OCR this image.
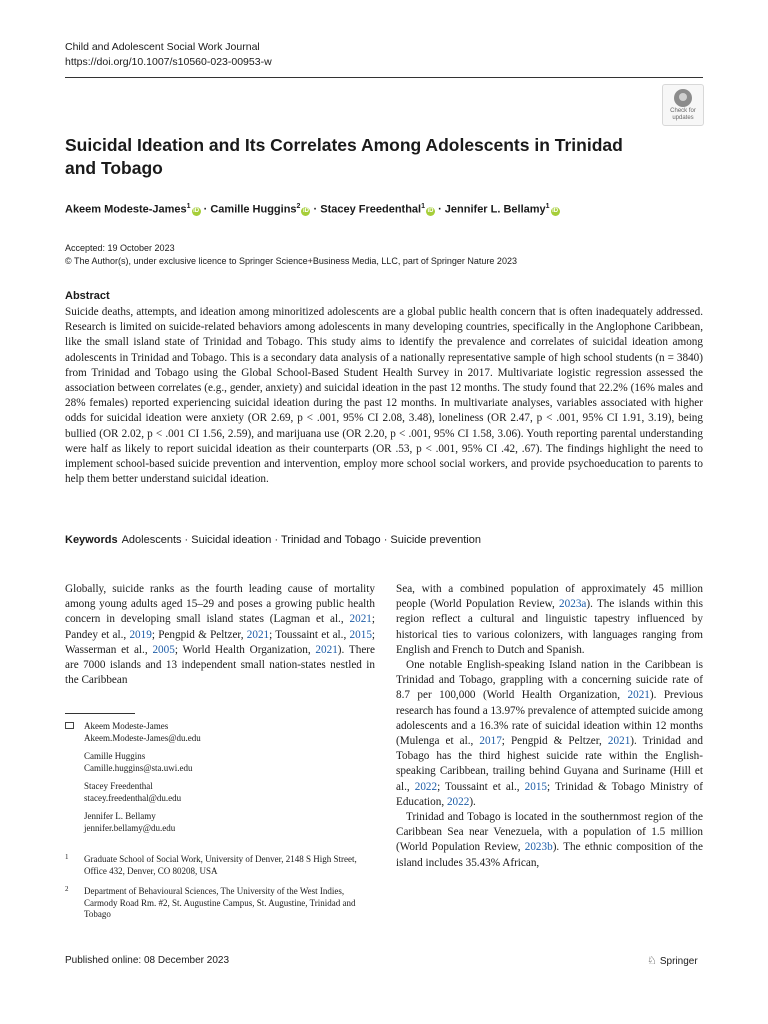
Child and Adolescent Social Work Journal
https://doi.org/10.1007/s10560-023-00953-w
Check for
updates
Suicidal Ideation and Its Correlates Among Adolescents in Trinidad and Tobago
Akeem Modeste-James$^1$iD · Camille Huggins$^2$iD · Stacey Freedenthal$^1$iD · Jennifer L. Bellamy$^1$iD
Accepted: 19 October 2023
© The Author(s), under exclusive licence to Springer Science+Business Media, LLC, part of Springer Nature 2023
Abstract

Suicide deaths, attempts, and ideation among minoritized adolescents are a global public health concern that is often inadequately addressed. Research is limited on suicide-related behaviors among adolescents in many developing countries, specifically in the Anglophone Caribbean, like the small island state of Trinidad and Tobago. This study aims to identify the prevalence and correlates of suicidal ideation among adolescents in Trinidad and Tobago. This is a secondary data analysis of a nationally representative sample of high school students (n = 3840) from Trinidad and Tobago using the Global School-Based Student Health Survey in 2017. Multivariate logistic regression assessed the association between correlates (e.g., gender, anxiety) and suicidal ideation in the past 12 months. The study found that 22.2% (16% males and 28% females) reported experiencing suicidal ideation during the past 12 months. In multivariate analyses, variables associated with higher odds for suicidal ideation were anxiety (OR 2.69, p < .001, 95% CI 2.08, 3.48), loneliness (OR 2.47, p < .001, 95% CI 1.91, 3.19), being bullied (OR 2.02, p < .001 CI 1.56, 2.59), and marijuana use (OR 2.20, p < .001, 95% CI 1.58, 3.06). Youth reporting parental understanding were half as likely to report suicidal ideation as their counterparts (OR .53, p < .001, 95% CI .42, .67). The findings highlight the need to implement school-based suicide prevention and intervention, employ more school social workers, and provide psychoeducation to parents to help them better understand suicidal ideation.

Keywords Adolescents · Suicidal ideation · Trinidad and Tobago · Suicide prevention

Globally, suicide ranks as the fourth leading cause of mortality among young adults aged 15–29 and poses a growing public health concern in developing small island states (Lagman et al., 2021; Pandey et al., 2019; Pengpid & Peltzer, 2021; Toussaint et al., 2015; Wasserman et al., 2005; World Health Organization, 2021). There are 7000 islands and 13 independent small nation-states nestled in the Caribbean

Sea, with a combined population of approximately 45 million people (World Population Review, 2023a). The islands within this region reflect a cultural and linguistic tapestry influenced by historical ties to various colonizers, with languages ranging from English and French to Dutch and Spanish.

One notable English-speaking Island nation in the Caribbean is Trinidad and Tobago, grappling with a concerning suicide rate of 8.7 per 100,000 (World Health Organization, 2021). Previous research has found a 13.97% prevalence of attempted suicide among adolescents and a 16.3% rate of suicidal ideation within 12 months (Mulenga et al., 2017; Pengpid & Peltzer, 2021). Trinidad and Tobago has the third highest suicide rate within the English-speaking Caribbean, trailing behind Guyana and Suriname (Hill et al., 2022; Toussaint et al., 2015; Trinidad & Tobago Ministry of Education, 2022).

Trinidad and Tobago is located in the southernmost region of the Caribbean Sea near Venezuela, with a population of 1.5 million (World Population Review, 2023b). The ethnic composition of the island includes 35.43% African,

Akeem Modeste-James
Akeem.Modeste-James@du.edu
Camille Huggins
Camille.huggins@sta.uwi.edu
Stacey Freedenthal
stacey.freedenthal@du.edu
Jennifer L. Bellamy
jennifer.bellamy@du.edu
1 Graduate School of Social Work, University of Denver, 2148 S High Street, Office 432, Denver, CO 80208, USA
2 Department of Behavioural Sciences, The University of the West Indies, Carmody Road Rm. #2, St. Augustine Campus, St. Augustine, Trinidad and Tobago
Published online: 08 December 2023	♘ Springer
